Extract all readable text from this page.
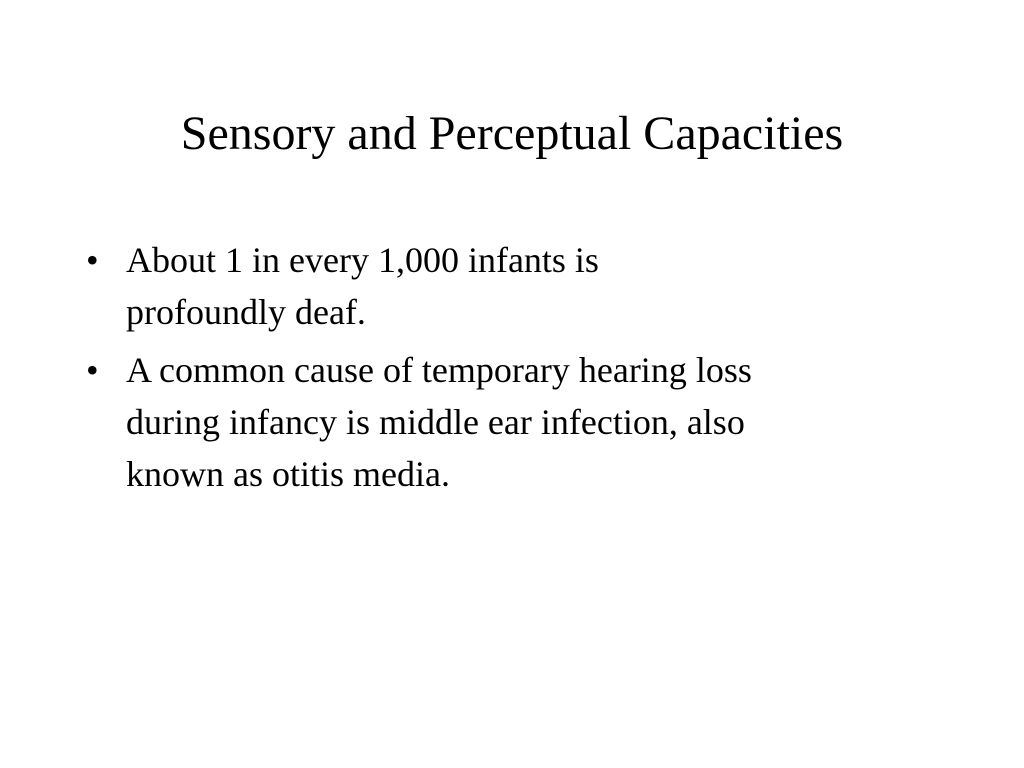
Sensory and Perceptual Capacities
• About 1 in every 1,000 infants is
profoundly deaf.
• A common cause of temporary hearing loss
during infancy is middle ear infection, also
known as otitis media.
